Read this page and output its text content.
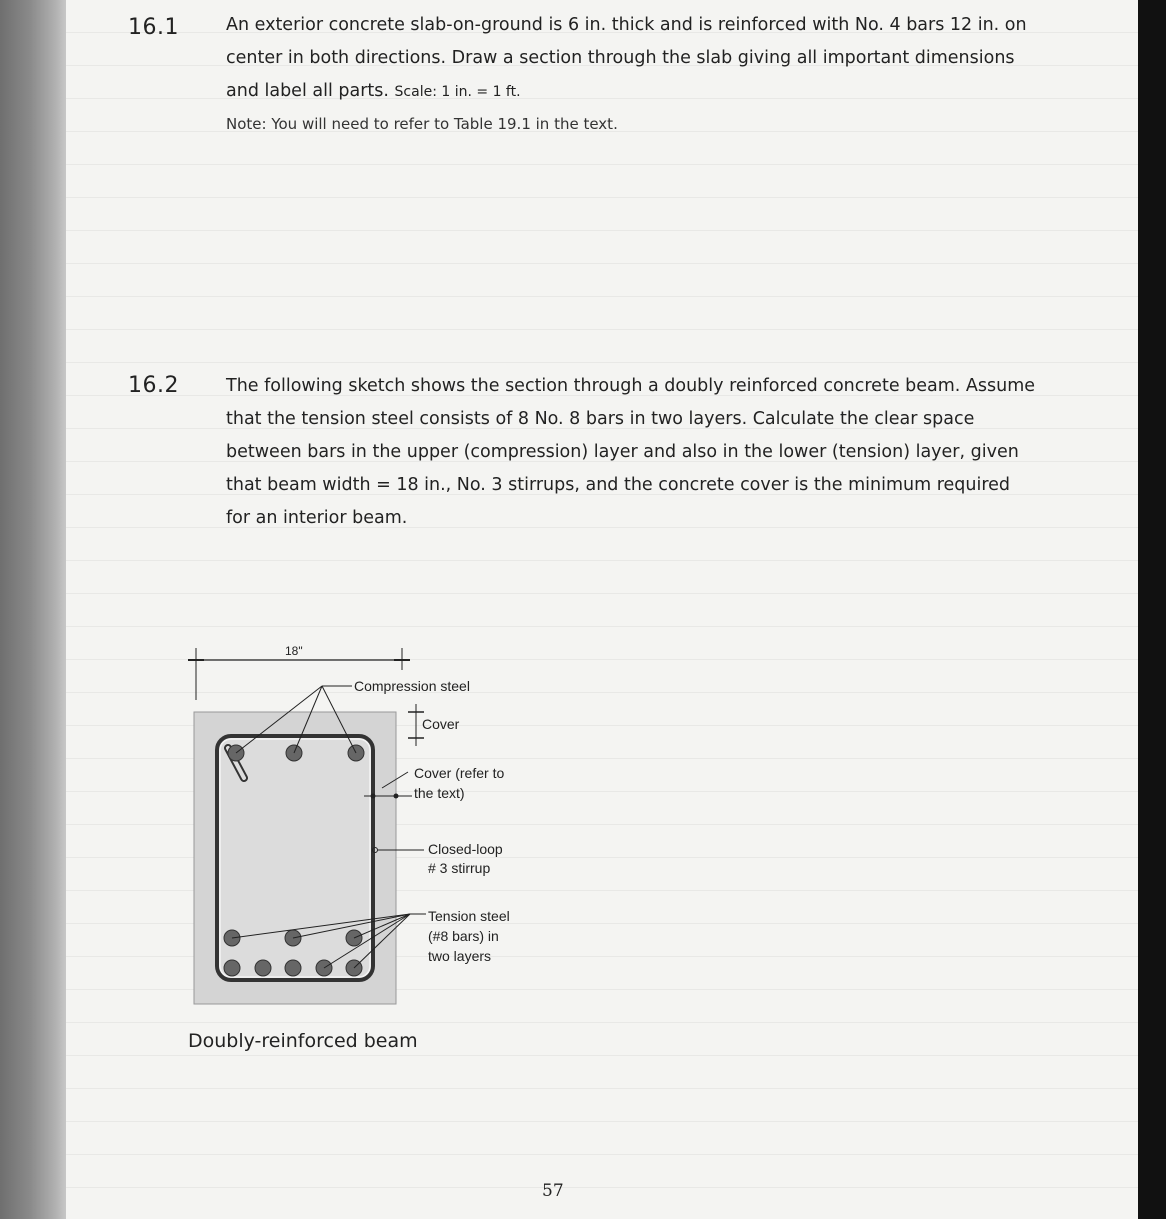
16.1	An exterior concrete slab-on-ground is 6 in. thick and is reinforced with No. 4 bars 12 in. on center in both directions. Draw a section through the slab giving all important dimensions and label all parts. Scale: 1 in. = 1 ft.
Note: You will need to refer to Table 19.1 in the text.
16.2	The following sketch shows the section through a doubly reinforced concrete beam. Assume that the tension steel consists of 8 No. 8 bars in two layers. Calculate the clear space between bars in the upper (compression) layer and also in the lower (tension) layer, given that beam width = 18 in., No. 3 stirrups, and the concrete cover is the minimum required for an interior beam.
18"
Compression steel
Cover
Cover (refer to
the text)
Closed-loop
# 3 stirrup
Tension steel
(#8 bars) in
two layers
Doubly-reinforced beam
57
